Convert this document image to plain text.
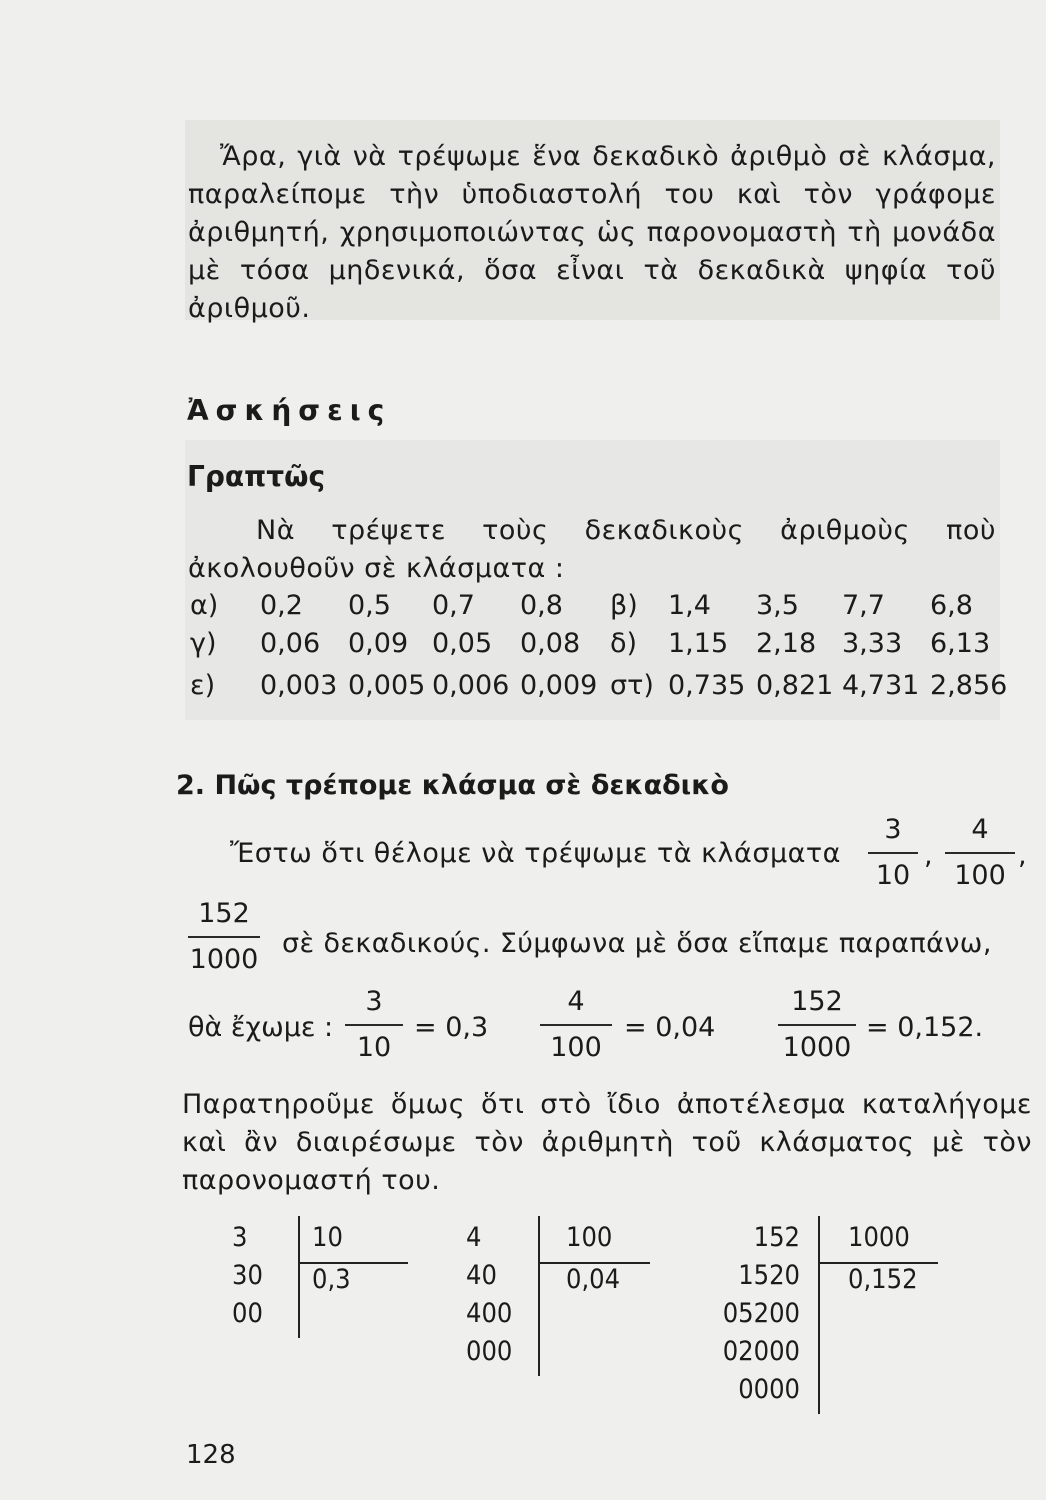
Ἄρα, γιὰ νὰ τρέψωμε ἕνα δεκαδικὸ ἀριθμὸ σὲ κλάσμα, παραλείπομε τὴν ὑποδιαστολή του καὶ τὸν γράφομε ἀριθμητή, χρησιμοποιώντας ὡς παρονομαστὴ τὴ μονάδα μὲ τόσα μηδενικά, ὅσα εἶναι τὰ δεκαδικὰ ψηφία τοῦ ἀριθμοῦ.
Ἀσκήσεις
Γραπτῶς
Νὰ τρέψετε τοὺς δεκαδικοὺς ἀριθμοὺς ποὺ ἀκολουθοῦν σὲ κλάσματα :
α) 0,2 0,5 0,7 0,8 β) 1,4 3,5 7,7 6,8
γ) 0,06 0,09 0,05 0,08 δ) 1,15 2,18 3,33 6,13
ε) 0,003 0,005 0,006 0,009 στ) 0,735 0,821 4,731 2,856
2. Πῶς τρέπομε κλάσμα σὲ δεκαδικὸ
Ἔστω ὅτι θέλομε νὰ τρέψωμε τὰ κλάσματα
3
10
,
4
100
,
152
1000
σὲ δεκαδικούς. Σύμφωνα μὲ ὅσα εἴπαμε παραπάνω,
θὰ ἔχωμε :
3
10
= 0,3
4
100
= 0,04
152
1000
= 0,152.
Παρατηροῦμε ὅμως ὅτι στὸ ἴδιο ἀποτέλεσμα καταλήγομε καὶ ἂν διαιρέσωμε τὸν ἀριθμητὴ τοῦ κλάσματος μὲ τὸν παρονομαστή του.
3
30
00
10
0,3
4
40
400
000
100
0,04
152
1520
05200
02000
0000
1000
0,152
128
